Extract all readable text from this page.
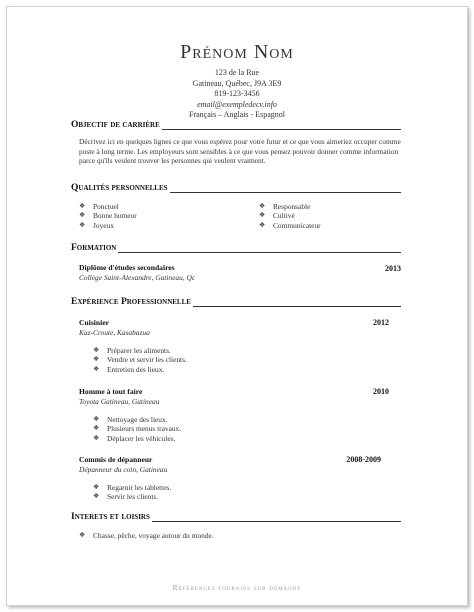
Prénom Nom
123 de la Rue
Gatineau, Québec, J9A 3E9
819-123-3456
email@exempledecv.info
Français – Anglais - Espagnol
Objectif de carrière
Décrivez ici en quelques lignes ce que vous espérez pour votre futur et ce que vous aimeriez occuper comme poste à long terme. Les employeurs sont sensibles à ce que vous pensez pouvoir donner comme information parce qu'ils veulent trouver les personnes qui veulent vraiment.
Qualités personnelles
❖	Ponctuel
❖	Bonne humeur
❖	Joyeux
❖	Responsable
❖	Cultivé
❖	Communicateur
Formation
Diplôme d'études secondaires	2013
Collège Saint-Alexandre, Gatineau, Qc
Expérience Professionnelle
Cuisinier	2012
Kaz-Croute, Kasabazua
❖	Préparer les aliments.
❖	Vendre et servir les clients.
❖	Entretien des lieux.
Homme à tout faire	2010
Toyota Gatineau, Gatineau
❖	Nettoyage des lieux.
❖	Plusieurs menus travaux.
❖	Déplacer les véhicules.
Commis de dépanneur	2008-2009
Dépanneur du coin, Gatineau
❖	Regarnir les tablettes.
❖	Servir les clients.
Interets et loisirs
❖	Chasse, pêche, voyage autour du monde.
Références fournies sur demande
